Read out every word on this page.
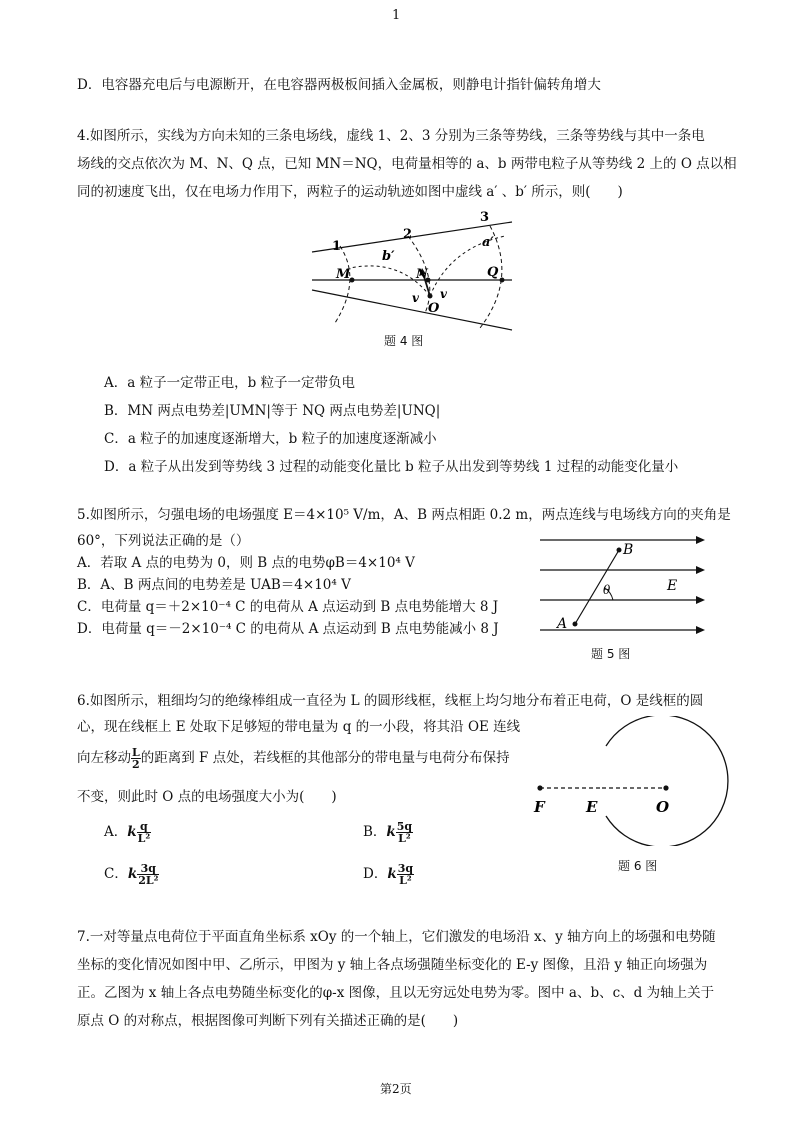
1
D．电容器充电后与电源断开，在电容器两极板间插入金属板，则静电计指针偏转角增大
4.如图所示，实线为方向未知的三条电场线，虚线 1、2、3 分别为三条等势线，三条等势线与其中一条电
场线的交点依次为 M、N、Q 点，已知 MN＝NQ，电荷量相等的 a、b 两带电粒子从等势线 2 上的 O 点以相
同的初速度飞出，仅在电场力作用下，两粒子的运动轨迹如图中虚线 a′ 、b′ 所示，则(　　)
1
2
3
M	N	Q
O
a′
b′
v v
题 4 图
A．a 粒子一定带正电，b 粒子一定带负电
B．MN 两点电势差|UMN|等于 NQ 两点电势差|UNQ|
C．a 粒子的加速度逐渐增大，b 粒子的加速度逐渐减小
D．a 粒子从出发到等势线 3 过程的动能变化量比 b 粒子从出发到等势线 1 过程的动能变化量小
5.如图所示，匀强电场的电场强度 E＝4×10⁵ V/m，A、B 两点相距 0.2 m，两点连线与电场线方向的夹角是
60°，下列说法正确的是（）
A．若取 A 点的电势为 0，则 B 点的电势φB＝4×10⁴ V
B．A、B 两点间的电势差是 UAB＝4×10⁴ V
C．电荷量 q＝＋2×10⁻⁴ C 的电荷从 A 点运动到 B 点电势能增大 8 J
D．电荷量 q＝－2×10⁻⁴ C 的电荷从 A 点运动到 B 点电势能减小 8 J	A
B
θ	E
题 5 图
6.如图所示，粗细均匀的绝缘棒组成一直径为 L 的圆形线框，线框上均匀地分布着正电荷，O 是线框的圆
心，现在线框上 E 处取下足够短的带电量为 q 的一小段，将其沿 OE 连线
向左移动 $\frac{L}{2}$ 的距离到 F 点处，若线框的其他部分的带电量与电荷分布保持
不变，则此时 O 点的电场强度大小为(　　)
A．k $\frac{q}{\text{L²}}$	B．k $\frac{5q}{\text{L²}}$
C．k $\frac{3q}{\text{2L²}}$	D．k $\frac{3q}{\text{L²}}$
F	E	O
题 6 图
7.一对等量点电荷位于平面直角坐标系 xOy 的一个轴上，它们激发的电场沿 x、y 轴方向上的场强和电势随
坐标的变化情况如图中甲、乙所示，甲图为 y 轴上各点场强随坐标变化的 E-y 图像，且沿 y 轴正向场强为
正。乙图为 x 轴上各点电势随坐标变化的φ-x 图像，且以无穷远处电势为零。图中 a、b、c、d 为轴上关于
原点 O 的对称点，根据图像可判断下列有关描述正确的是(　　)
第2页
